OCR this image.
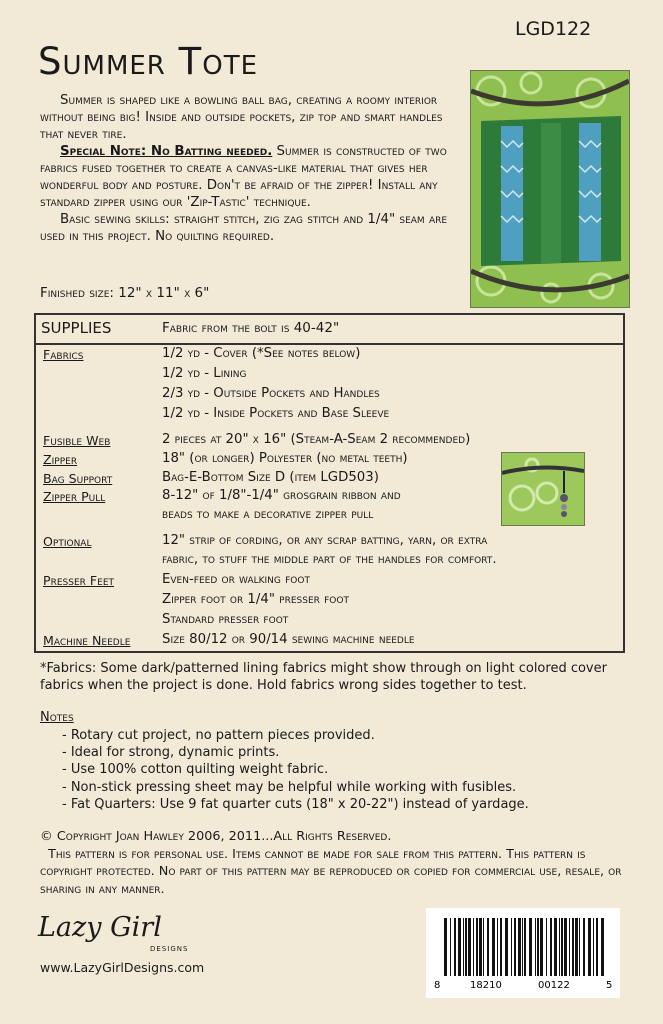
LGD122
Summer Tote

Summer is shaped like a bowling ball bag, creating a roomy interior without being big! Inside and outside pockets, zip top and smart handles that never tire.

Special Note: No Batting needed. Summer is constructed of two fabrics fused together to create a canvas-like material that gives her wonderful body and posture. Don't be afraid of the zipper! Install any standard zipper using our 'Zip-Tastic' technique.

Basic sewing skills: straight stitch, zig zag stitch and 1/4" seam are used in this project. No quilting required.

Finished size: 12" x 11" x 6"
SUPPLIES	Fabric from the bolt is 40-42"
Fabrics	1/2 yd - Cover (*See notes below)
1/2 yd - Lining
2/3 yd - Outside Pockets and Handles
1/2 yd - Inside Pockets and Base Sleeve
Fusible Web	2 pieces at 20" x 16" (Steam-A-Seam 2 recommended)
Zipper	18" (or longer) Polyester (no metal teeth)
Bag Support	Bag-E-Bottom Size D (item LGD503)
Zipper Pull	8-12" of 1/8"-1/4" grosgrain ribbon and
beads to make a decorative zipper pull
Optional	12" strip of cording, or any scrap batting, yarn, or extra
fabric, to stuff the middle part of the handles for comfort.
Presser Feet	Even-feed or walking foot
Zipper foot or 1/4" presser foot
Standard presser foot
Machine Needle Size 80/12 or 90/14 sewing machine needle
*Fabrics: Some dark/patterned lining fabrics might show through on light colored cover fabrics when the project is done. Hold fabrics wrong sides together to test.
Notes
- Rotary cut project, no pattern pieces provided.
- Ideal for strong, dynamic prints.
- Use 100% cotton quilting weight fabric.
- Non-stick pressing sheet may be helpful while working with fusibles.
- Fat Quarters: Use 9 fat quarter cuts (18" x 20-22") instead of yardage.
© Copyright Joan Hawley 2006, 2011...All Rights Reserved.
This pattern is for personal use. Items cannot be made for sale from this pattern. This pattern is copyright protected. No part of this pattern may be reproduced or copied for commercial use, resale, or sharing in any manner.
Lazy Girl
DESIGNS
www.LazyGirlDesigns.com
8	18210	00122	5
